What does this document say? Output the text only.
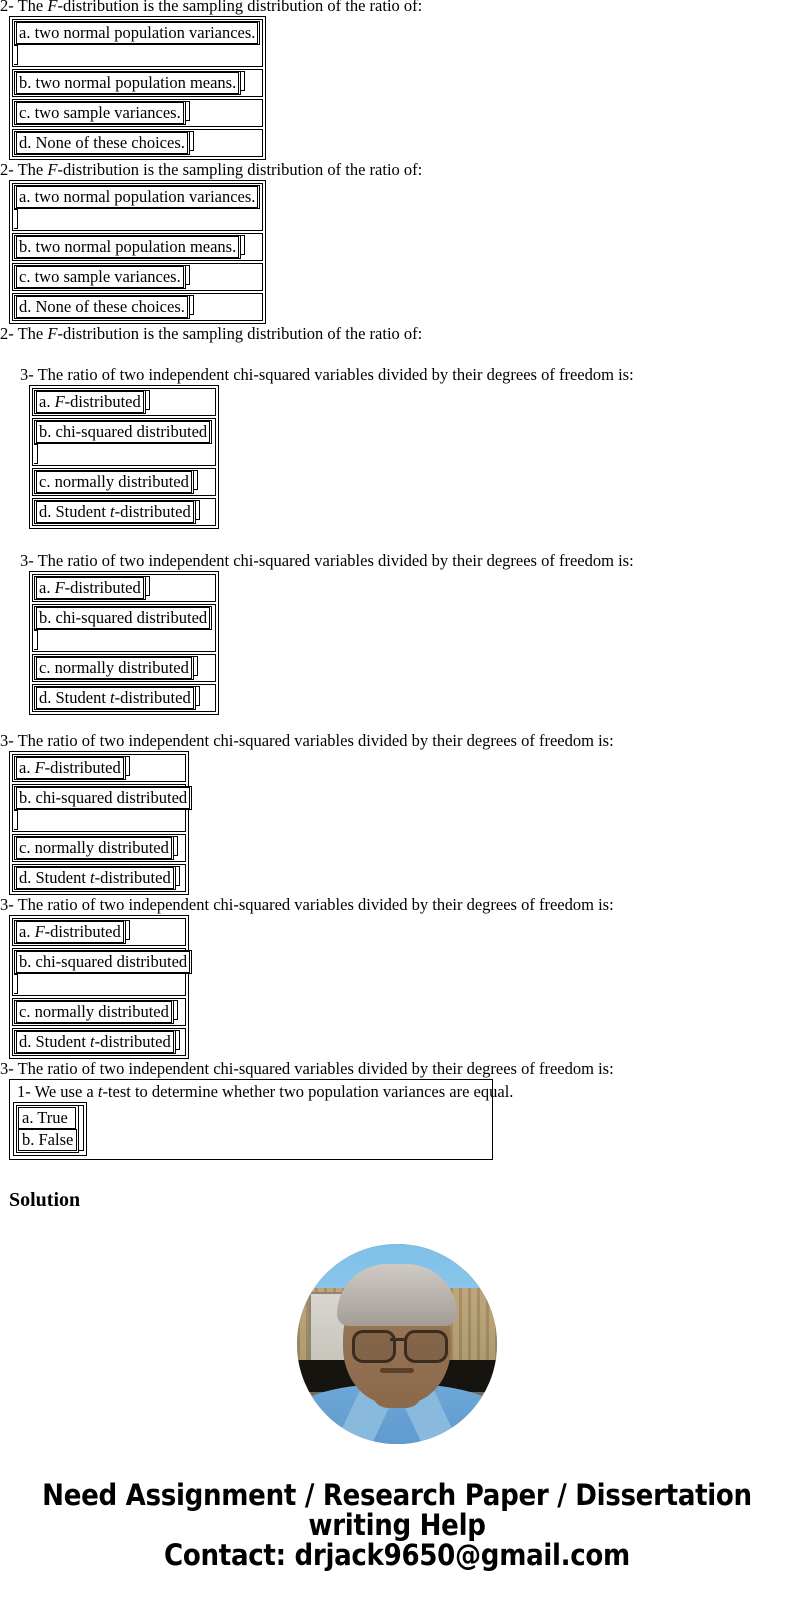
2- The F-distribution is the sampling distribution of the ratio of:
a. two normal population variances.
b. two normal population means.
c. two sample variances.
d. None of these choices.
2- The F-distribution is the sampling distribution of the ratio of:
a. two normal population variances.
b. two normal population means.
c. two sample variances.
d. None of these choices.
2- The F-distribution is the sampling distribution of the ratio of:
3- The ratio of two independent chi-squared variables divided by their degrees of freedom is:
a. F-distributed
b. chi-squared distributed
c. normally distributed
d. Student t-distributed
3- The ratio of two independent chi-squared variables divided by their degrees of freedom is:
a. F-distributed
b. chi-squared distributed
c. normally distributed
d. Student t-distributed
3- The ratio of two independent chi-squared variables divided by their degrees of freedom is:
a. F-distributed
b. chi-squared distributed
c. normally distributed
d. Student t-distributed
3- The ratio of two independent chi-squared variables divided by their degrees of freedom is:
a. F-distributed
b. chi-squared distributed
c. normally distributed
d. Student t-distributed
3- The ratio of two independent chi-squared variables divided by their degrees of freedom is:
1- We use a t-test to determine whether two population variances are equal.
a. True
b. False
Solution
Need Assignment / Research Paper / Dissertation writing Help
Contact: drjack9650@gmail.com
